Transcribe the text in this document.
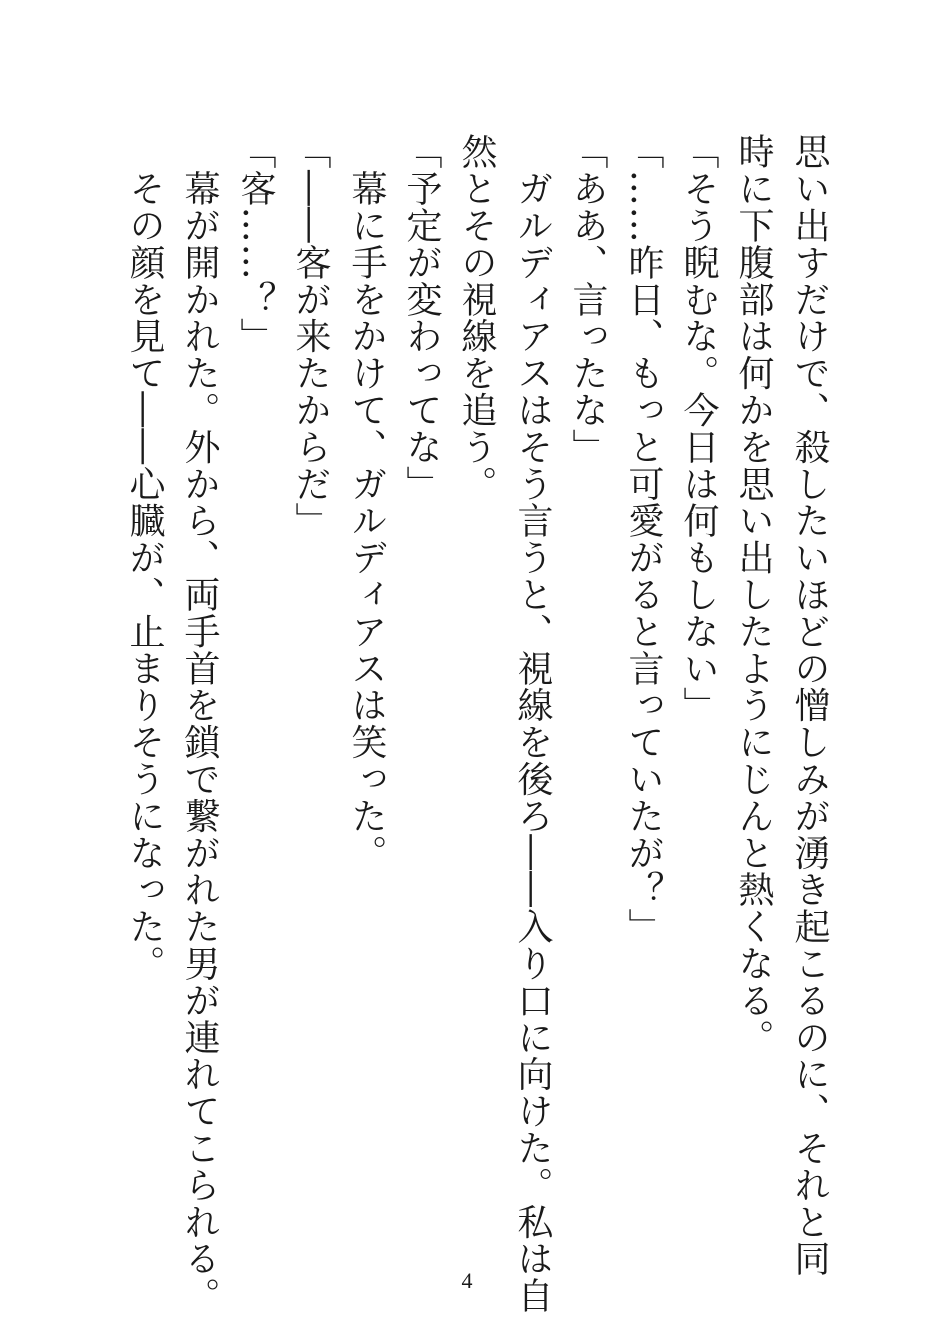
思い出すだけで、殺したいほどの憎しみが湧き起こるのに、それと同
時に下腹部は何かを思い出したようにじんと熱くなる。
「そう睨むな。今日は何もしない」
「……昨日、もっと可愛がると言っていたが？」
「ああ、言ったな」
　ガルディアスはそう言うと、視線を後ろ――入り口に向けた。私は自
然とその視線を追う。
「予定が変わってな」
　幕に手をかけて、ガルディアスは笑った。
「――客が来たからだ」
「客……？」
　幕が開かれた。外から、両手首を鎖で繋がれた男が連れてこられる。
　その顔を見て――心臓が、止まりそうになった。
4
